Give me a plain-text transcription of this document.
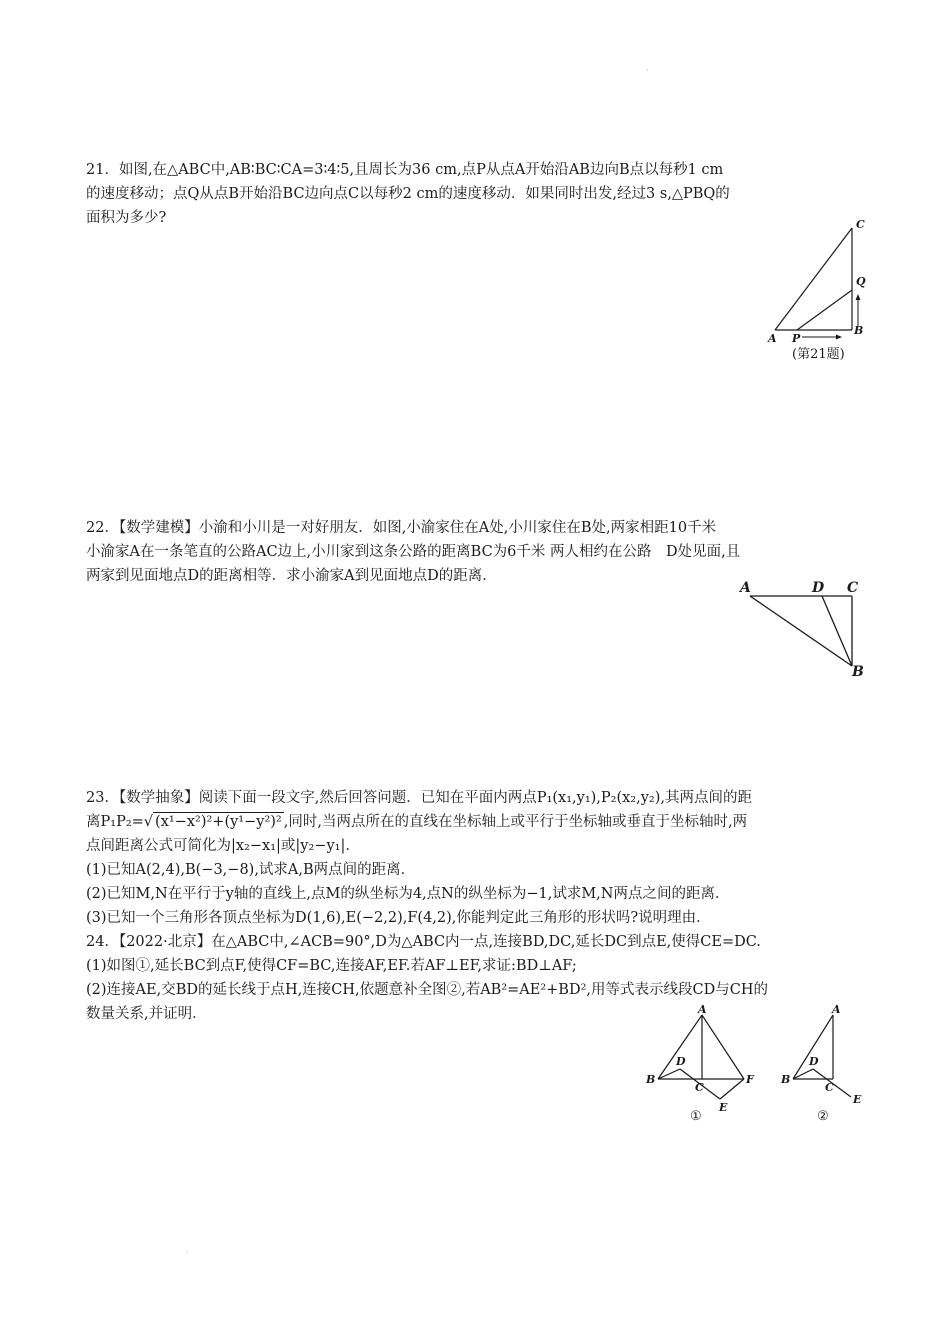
·

21．如图,在△ABC中,AB∶BC∶CA=3∶4∶5,且周长为36 cm,点P从点A开始沿AB边向B点以每秒1 cm

的速度移动；点Q从点B开始沿BC边向点C以每秒2 cm的速度移动．如果同时出发,经过3 s,△PBQ的

面积为多少?

A P
B
Q
C
(第21题)

22．【数学建模】小渝和小川是一对好朋友．如图,小渝家住在A处,小川家住在B处,两家相距10千米

小渝家A在一条笔直的公路AC边上,小川家到这条公路的距离BC为6千米 两人相约在公路　D处见面,且

两家到见面地点D的距离相等．求小渝家A到见面地点D的距离．

A	D C
B

23．【数学抽象】阅读下面一段文字,然后回答问题．已知在平面内两点P₁(x₁,y₁),P₂(x₂,y₂),其两点间的距

离P₁P₂=√ (x¹−x²)²+(y¹−y²)² ,同时,当两点所在的直线在坐标轴上或平行于坐标轴或垂直于坐标轴时,两

点间距离公式可简化为|x₂−x₁|或|y₂−y₁|．

(1)已知A(2,4),B(−3,−8),试求A,B两点间的距离．

(2)已知M,N在平行于y轴的直线上,点M的纵坐标为4,点N的纵坐标为−1,试求M,N两点之间的距离．

(3)已知一个三角形各顶点坐标为D(1,6),E(−2,2),F(4,2),你能判定此三角形的形状吗?说明理由．

24．【2022·北京】在△ABC中,∠ACB=90°,D为△ABC内一点,连接BD,DC,延长DC到点E,使得CE=DC.

(1)如图①,延长BC到点F,使得CF=BC,连接AF,EF.若AF⊥EF,求证:BD⊥AF;

(2)连接AE,交BD的延长线于点H,连接CH,依题意补全图②,若AB²=AE²+BD²,用等式表示线段CD与CH的

数量关系,并证明．	A
B
C
D
E
F
①
A
B
C
D
E
②
·
